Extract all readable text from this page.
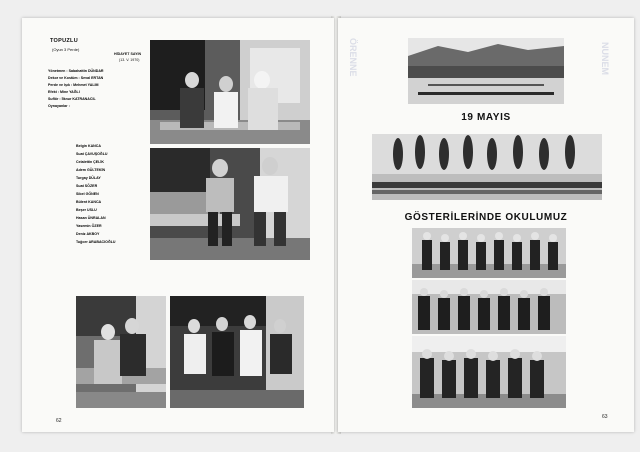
TOPUZLU
(Oyun 3 Perde)
HİDAYET SAYIN
(13. V. 1970)
Yönetmen : Sabahattin DÜNDAR
Dekor ve Kostüm : Seval ERTAN
Perde ve Işık : Mehmet YALIM
Efekt : Mine YAĞLI
Suflör : İlknur KATRANACIL
Oynayanlar :
Belgin KANCA
Suat ÇAVUŞOĞLU
Celalettin ÇELİK
Adem GÜLTEKİN
Turgay DÜLAY
Suat SÖZER
Sibel GÖNEN
Bülent KANCA
Beşer USLU
Hasan ÜNRALAN
Yasemin ÖZER
Deniz AKBOY
Tuğcer ARABACIOĞLU
62
ÖRENNE	NUNEM
19 MAYIS
GÖSTERİLERİNDE OKULUMUZ
63
